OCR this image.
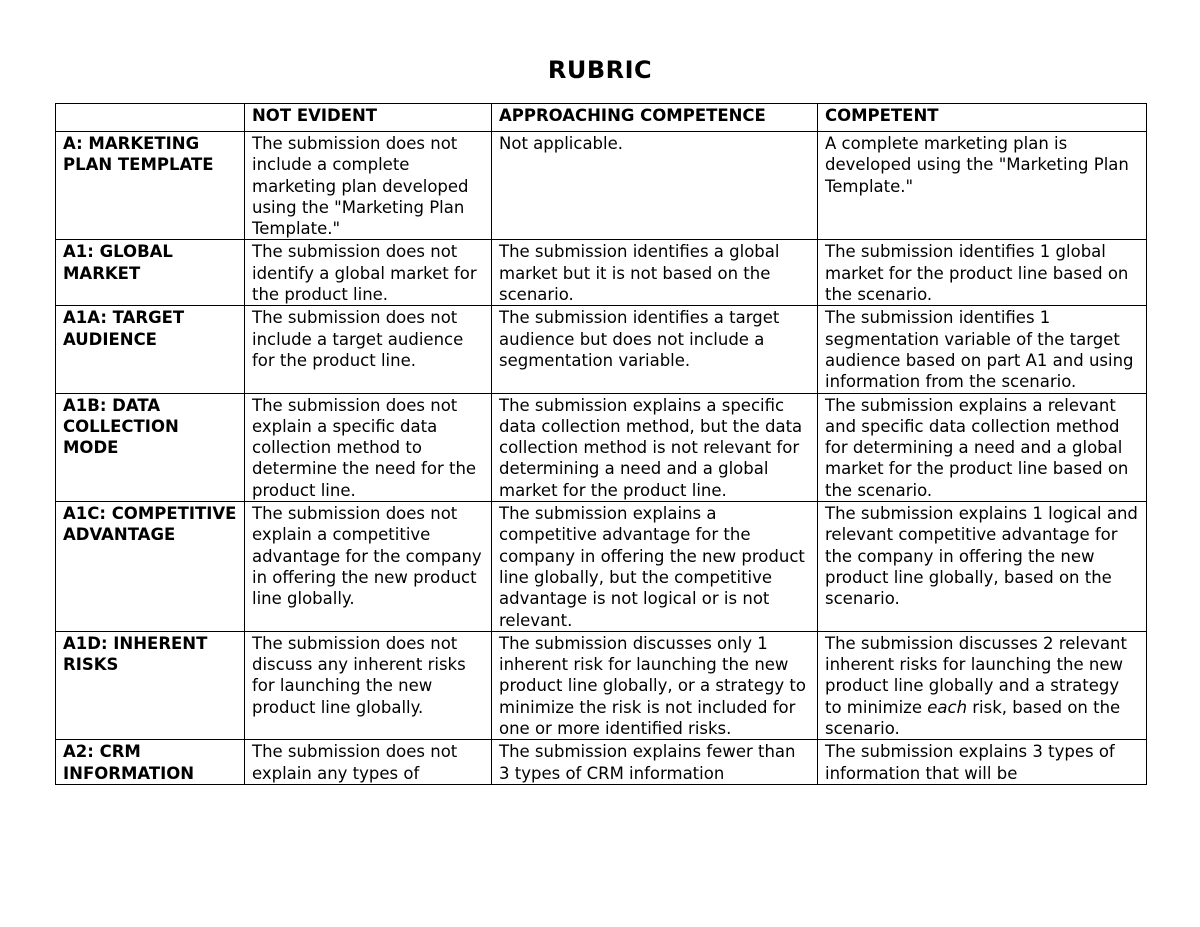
RUBRIC
	NOT EVIDENT	APPROACHING COMPETENCE	COMPETENT
A: MARKETING PLAN TEMPLATE	The submission does not include a complete marketing plan developed using the "Marketing Plan Template."	Not applicable.	A complete marketing plan is developed using the "Marketing Plan Template."
A1: GLOBAL MARKET	The submission does not identify a global market for the product line.	The submission identifies a global market but it is not based on the scenario.	The submission identifies 1 global market for the product line based on the scenario.
A1A: TARGET AUDIENCE	The submission does not include a target audience for the product line.	The submission identifies a target audience but does not include a segmentation variable.	The submission identifies 1 segmentation variable of the target audience based on part A1 and using information from the scenario.
A1B: DATA COLLECTION MODE	The submission does not explain a specific data collection method to determine the need for the product line.	The submission explains a specific data collection method, but the data collection method is not relevant for determining a need and a global market for the product line.	The submission explains a relevant and specific data collection method for determining a need and a global market for the product line based on the scenario.
A1C: COMPETITIVE ADVANTAGE	The submission does not explain a competitive advantage for the company in offering the new product line globally.	The submission explains a competitive advantage for the company in offering the new product line globally, but the competitive advantage is not logical or is not relevant.	The submission explains 1 logical and relevant competitive advantage for the company in offering the new product line globally, based on the scenario.
A1D: INHERENT RISKS	The submission does not discuss any inherent risks for launching the new product line globally.	The submission discusses only 1 inherent risk for launching the new product line globally, or a strategy to minimize the risk is not included for one or more identified risks.	The submission discusses 2 relevant inherent risks for launching the new product line globally and a strategy to minimize each risk, based on the scenario.
A2: CRM INFORMATION	The submission does not explain any types of	The submission explains fewer than 3 types of CRM information	The submission explains 3 types of information that will be
